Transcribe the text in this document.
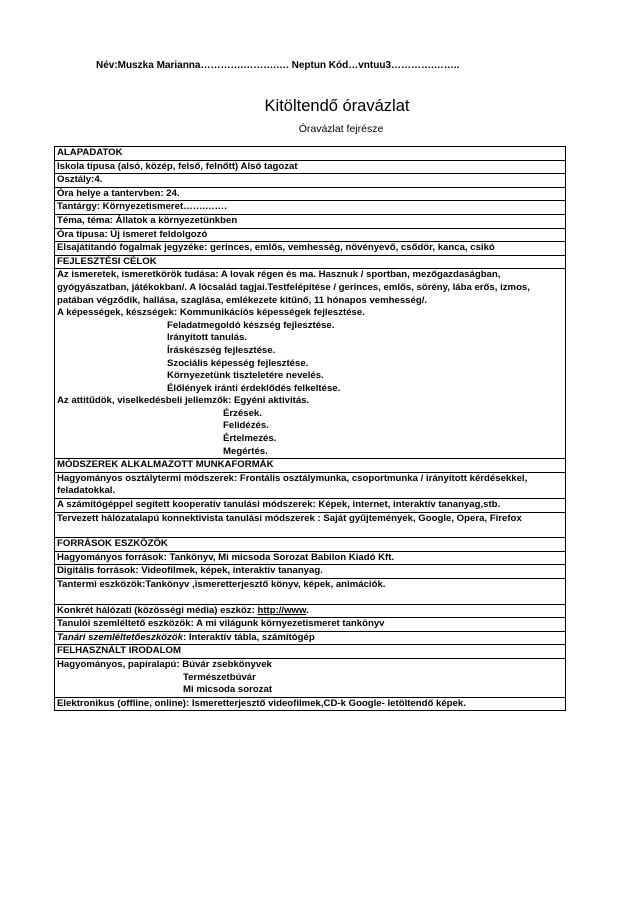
Név:Muszka Marianna………….……….…. Neptun Kód…vntuu3………….……..
Kitöltendő óravázlat
Óravázlat fejrésze
ALAPADATOK
Iskola típusa (alsó, közép, felső, felnőtt) Alsó tagozat
Osztály:4.
Óra helye a tantervben: 24.
Tantárgy: Környezetismeret…….…….
Téma, téma: Állatok a környezetünkben
Óra típusa: Új ismeret feldolgozó
Elsajátítandó fogalmak jegyzéke: gerinces, emlős, vemhesség, növényevő, csődör, kanca, csikó
FEJLESZTÉSI CÉLOK

Az ismeretek, ismeretkörök tudása: A lovak régen és ma. Hasznuk / sportban, mezőgazdaságban, gyógyászatban, játékokban/. A lócsalád tagjai.Testfelépítése / gerinces, emlős, sörény, lába erős, izmos, patában végződik, hallása, szaglása, emlékezete kitűnő, 11 hónapos vemhesség/.
A képességek, készségek: Kommunikációs képességek fejlesztése.
Feladatmegoldó készség fejlesztése.
Irányított tanulás.
Íráskészség fejlesztése.
Szociális képesség fejlesztése.
Környezetünk tiszteletére nevelés.
Élőlények iránti érdeklődés felkeltése.
Az attitűdök, viselkedésbeli jellemzők: Egyéni aktivitás.
Érzések.
Felidézés.
Értelmezés.
Megértés.

MÓDSZEREK ALKALMAZOTT MUNKAFORMÁK
Hagyományos osztálytermi módszerek: Frontális osztálymunka, csoportmunka / irányított kérdésekkel, feladatokkal.
A számítógéppel segített kooperatív tanulási módszerek: Képek, internet, interaktív tananyag,stb.

Tervezett hálózatalapú konnektivista tanulási módszerek : Saját gyűjtemények, Google, Opera, Firefox

FORRÁSOK ESZKÖZÖK
Hagyományos források: Tankönyv, Mi micsoda Sorozat Babilon Kiadó Kft.
Digitális források: Videofilmek, képek, interaktív tananyag.

Tantermi eszközök:Tankönyv ,ismeretterjesztő könyv, képek, animációk.

Konkrét hálózati (közösségi média) eszköz: http://www.
Tanulói szemléltető eszközök: A mi világunk környezetismeret tankönyv
Tanári szemléltetőeszközök: Interaktív tábla, számítógép
FELHASZNÁLT IRODALOM

Hagyományos, papíralapú: Búvár zsebkönyvek
Természetbúvár
Mi micsoda sorozat

Elektronikus (offline, online): Ismeretterjesztő videofilmek,CD-k Google- letöltendő képek.
